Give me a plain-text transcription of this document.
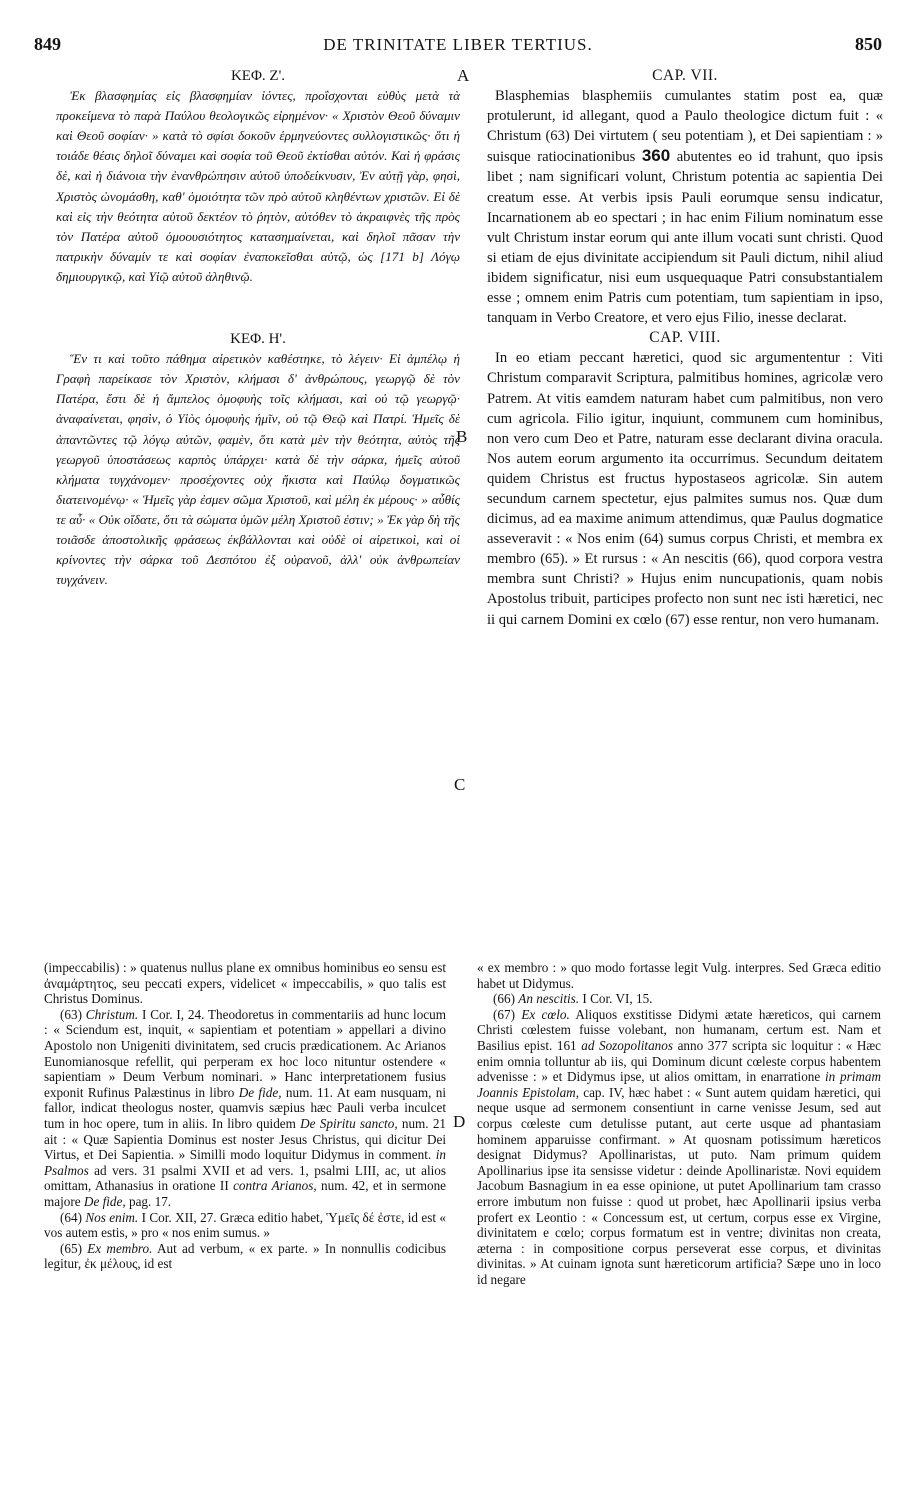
849	DE TRINITATE LIBER TERTIUS.	850
A
B
C
D
ΚΕΦ. Ζ'.

Ἐκ βλασφημίας εἰς βλασφημίαν ἰόντες, προΐσχονται εὐθὺς μετὰ τὰ προκείμενα τὸ παρὰ Παύλου θεολογικῶς εἰρημένον· « Χριστὸν Θεοῦ δύναμιν καὶ Θεοῦ σοφίαν· » κατὰ τὸ σφίσι δοκοῦν ἑρμηνεύοντες συλλογιστικῶς· ὅτι ἡ τοιάδε θέσις δηλοῖ δύναμει καὶ σοφία τοῦ Θεοῦ ἐκτίσθαι αὐτόν. Καὶ ἡ φράσις δὲ, καὶ ἡ διάνοια τὴν ἐνανθρώπησιν αὐτοῦ ὑποδείκνυσιν, Ἐν αὐτῇ γὰρ, φησὶ, Χριστὸς ὠνομάσθη, καθ' ὁμοιότητα τῶν πρὸ αὐτοῦ κληθέντων χριστῶν. Εἰ δὲ καὶ εἰς τὴν θεότητα αὐτοῦ δεκτέον τὸ ῥητὸν, αὐτόθεν τὸ ἀκραιφνὲς τῆς πρὸς τὸν Πατέρα αὐτοῦ ὁμοουσιότητος κατασημαίνεται, καὶ δηλοῖ πᾶσαν τὴν πατρικὴν δύναμίν τε καὶ σοφίαν ἐναποκεῖσθαι αὐτῷ, ὡς [171 b] Λόγῳ δημιουργικῷ, καὶ Υἱῷ αὐτοῦ ἀληθινῷ.

ΚΕΦ. Η'.

Ἕν τι καὶ τοῦτο πάθημα αἱρετικὸν καθέστηκε, τὸ λέγειν· Εἰ ἀμπέλῳ ἡ Γραφὴ παρείκασε τὸν Χριστὸν, κλήμασι δ' ἀνθρώπους, γεωργῷ δὲ τὸν Πατέρα, ἔστι δὲ ἡ ἄμπελος ὁμοφυὴς τοῖς κλήμασι, καὶ οὐ τῷ γεωργῷ· ἀναφαίνεται, φησὶν, ὁ Υἱὸς ὁμοφυὴς ἡμῖν, οὐ τῷ Θεῷ καὶ Πατρί. Ἡμεῖς δὲ ἀπαντῶντες τῷ λόγῳ αὐτῶν, φαμὲν, ὅτι κατὰ μὲν τὴν θεότητα, αὐτὸς τῆς γεωργοῦ ὑποστάσεως καρπὸς ὑπάρχει· κατὰ δὲ τὴν σάρκα, ἡμεῖς αὐτοῦ κλήματα τυγχάνομεν· προσέχοντες οὐχ ἥκιστα καὶ Παύλῳ δογματικῶς διατεινομένῳ· « Ἡμεῖς γὰρ ἐσμεν σῶμα Χριστοῦ, καὶ μέλη ἐκ μέρους· » αὖθίς τε αὖ· « Οὐκ οἴδατε, ὅτι τὰ σώματα ὑμῶν μέλη Χριστοῦ ἐστιν; » Ἐκ γὰρ δὴ τῆς τοιᾶσδε ἀποστολικῆς φράσεως ἐκβάλλονται καὶ οὐδὲ οἱ αἱρετικοὶ, καὶ οἱ κρίνοντες τὴν σάρκα τοῦ Δεσπότου ἐξ οὐρανοῦ, ἀλλ' οὐκ ἀνθρωπείαν τυγχάνειν.

CAP. VII.

Blasphemias blasphemiis cumulantes statim post ea, quæ protulerunt, id allegant, quod a Paulo theologice dictum fuit : « Christum (63) Dei virtutem ( seu potentiam ), et Dei sapientiam : » suisque ratiocinationibus 360 abutentes eo id trahunt, quo ipsis libet ; nam significari volunt, Christum potentia ac sapientia Dei creatum esse. At verbis ipsis Pauli eorumque sensu indicatur, Incarnationem ab eo spectari ; in hac enim Filium nominatum esse vult Christum instar eorum qui ante illum vocati sunt christi. Quod si etiam de ejus divinitate accipiendum sit Pauli dictum, nihil aliud ibidem significatur, nisi eum usquequaque Patri consubstantialem esse ; omnem enim Patris cum potentiam, tum sapientiam in ipso, tanquam in Verbo Creatore, et vero ejus Filio, inesse declarat.

CAP. VIII.

In eo etiam peccant hæretici, quod sic argumententur : Viti Christum comparavit Scriptura, palmitibus homines, agricolæ vero Patrem. At vitis eamdem naturam habet cum palmitibus, non vero cum agricola. Filio igitur, inquiunt, communem cum hominibus, non vero cum Deo et Patre, naturam esse declarant divina oracula. Nos autem eorum argumento ita occurrimus. Secundum deitatem quidem Christus est fructus hypostaseos agricolæ. Sin autem secundum carnem spectetur, ejus palmites sumus nos. Quæ dum dicimus, ad ea maxime animum attendimus, quæ Paulus dogmatice asseveravit : « Nos enim (64) sumus corpus Christi, et membra ex membro (65). » Et rursus : « An nescitis (66), quod corpora vestra membra sunt Christi? » Hujus enim nuncupationis, quam nobis Apostolus tribuit, participes profecto non sunt nec isti hæretici, nec ii qui carnem Domini ex cœlo (67) esse rentur, non vero humanam.

(impeccabilis) : » quatenus nullus plane ex omnibus hominibus eo sensu est ἀναμάρτητος, seu peccati expers, videlicet « impeccabilis, » quo talis est Christus Dominus.

(63) Christum. I Cor. I, 24. Theodoretus in commentariis ad hunc locum : « Sciendum est, inquit, « sapientiam et potentiam » appellari a divino Apostolo non Unigeniti divinitatem, sed crucis prædicationem. Ac Arianos Eunomianosque refellit, qui perperam ex hoc loco nituntur ostendere « sapientiam » Deum Verbum nominari. » Hanc interpretationem fusius exponit Rufinus Palæstinus in libro De fide, num. 11. At eam nusquam, ni fallor, indicat theologus noster, quamvis sæpius hæc Pauli verba inculcet tum in hoc opere, tum in aliis. In libro quidem De Spiritu sancto, num. 21 ait : « Quæ Sapientia Dominus est noster Jesus Christus, qui dicitur Dei Virtus, et Dei Sapientia. » Similli modo loquitur Didymus in comment. in Psalmos ad vers. 31 psalmi XVII et ad vers. 1, psalmi LIII, ac, ut alios omittam, Athanasius in oratione II contra Arianos, num. 42, et in sermone majore De fide, pag. 17.

(64) Nos enim. I Cor. XII, 27. Græca editio habet, Ὑμεῖς δέ ἐστε, id est « vos autem estis, » pro « nos enim sumus. »

(65) Ex membro. Aut ad verbum, « ex parte. » In nonnullis codicibus legitur, ἐκ μέλους, id est

« ex membro : » quo modo fortasse legit Vulg. interpres. Sed Græca editio habet ut Didymus.

(66) An nescitis. I Cor. VI, 15.

(67) Ex cœlo. Aliquos exstitisse Didymi ætate hæreticos, qui carnem Christi cœlestem fuisse volebant, non humanam, certum est. Nam et Basilius epist. 161 ad Sozopolitanos anno 377 scripta sic loquitur : « Hæc enim omnia tolluntur ab iis, qui Dominum dicunt cœleste corpus habentem advenisse : » et Didymus ipse, ut alios omittam, in enarratione in primam Joannis Epistolam, cap. IV, hæc habet : « Sunt autem quidam hæretici, qui neque usque ad sermonem consentiunt in carne venisse Jesum, sed aut corpus cœleste cum detulisse putant, aut certe usque ad phantasiam hominem apparuisse confirmant. » At quosnam potissimum hæreticos designat Didymus? Apollinaristas, ut puto. Nam primum quidem Apollinarius ipse ita sensisse videtur : deinde Apollinaristæ. Novi equidem Jacobum Basnagium in ea esse opinione, ut putet Apollinarium tam crasso errore imbutum non fuisse : quod ut probet, hæc Apollinarii ipsius verba profert ex Leontio : « Concessum est, ut certum, corpus esse ex Virgine, divinitatem e cœlo; corpus formatum est in ventre; divinitas non creata, æterna : in compositione corpus perseverat esse corpus, et divinitas divinitas. » At cuinam ignota sunt hæreticorum artificia? Sæpe uno in loco id negare
